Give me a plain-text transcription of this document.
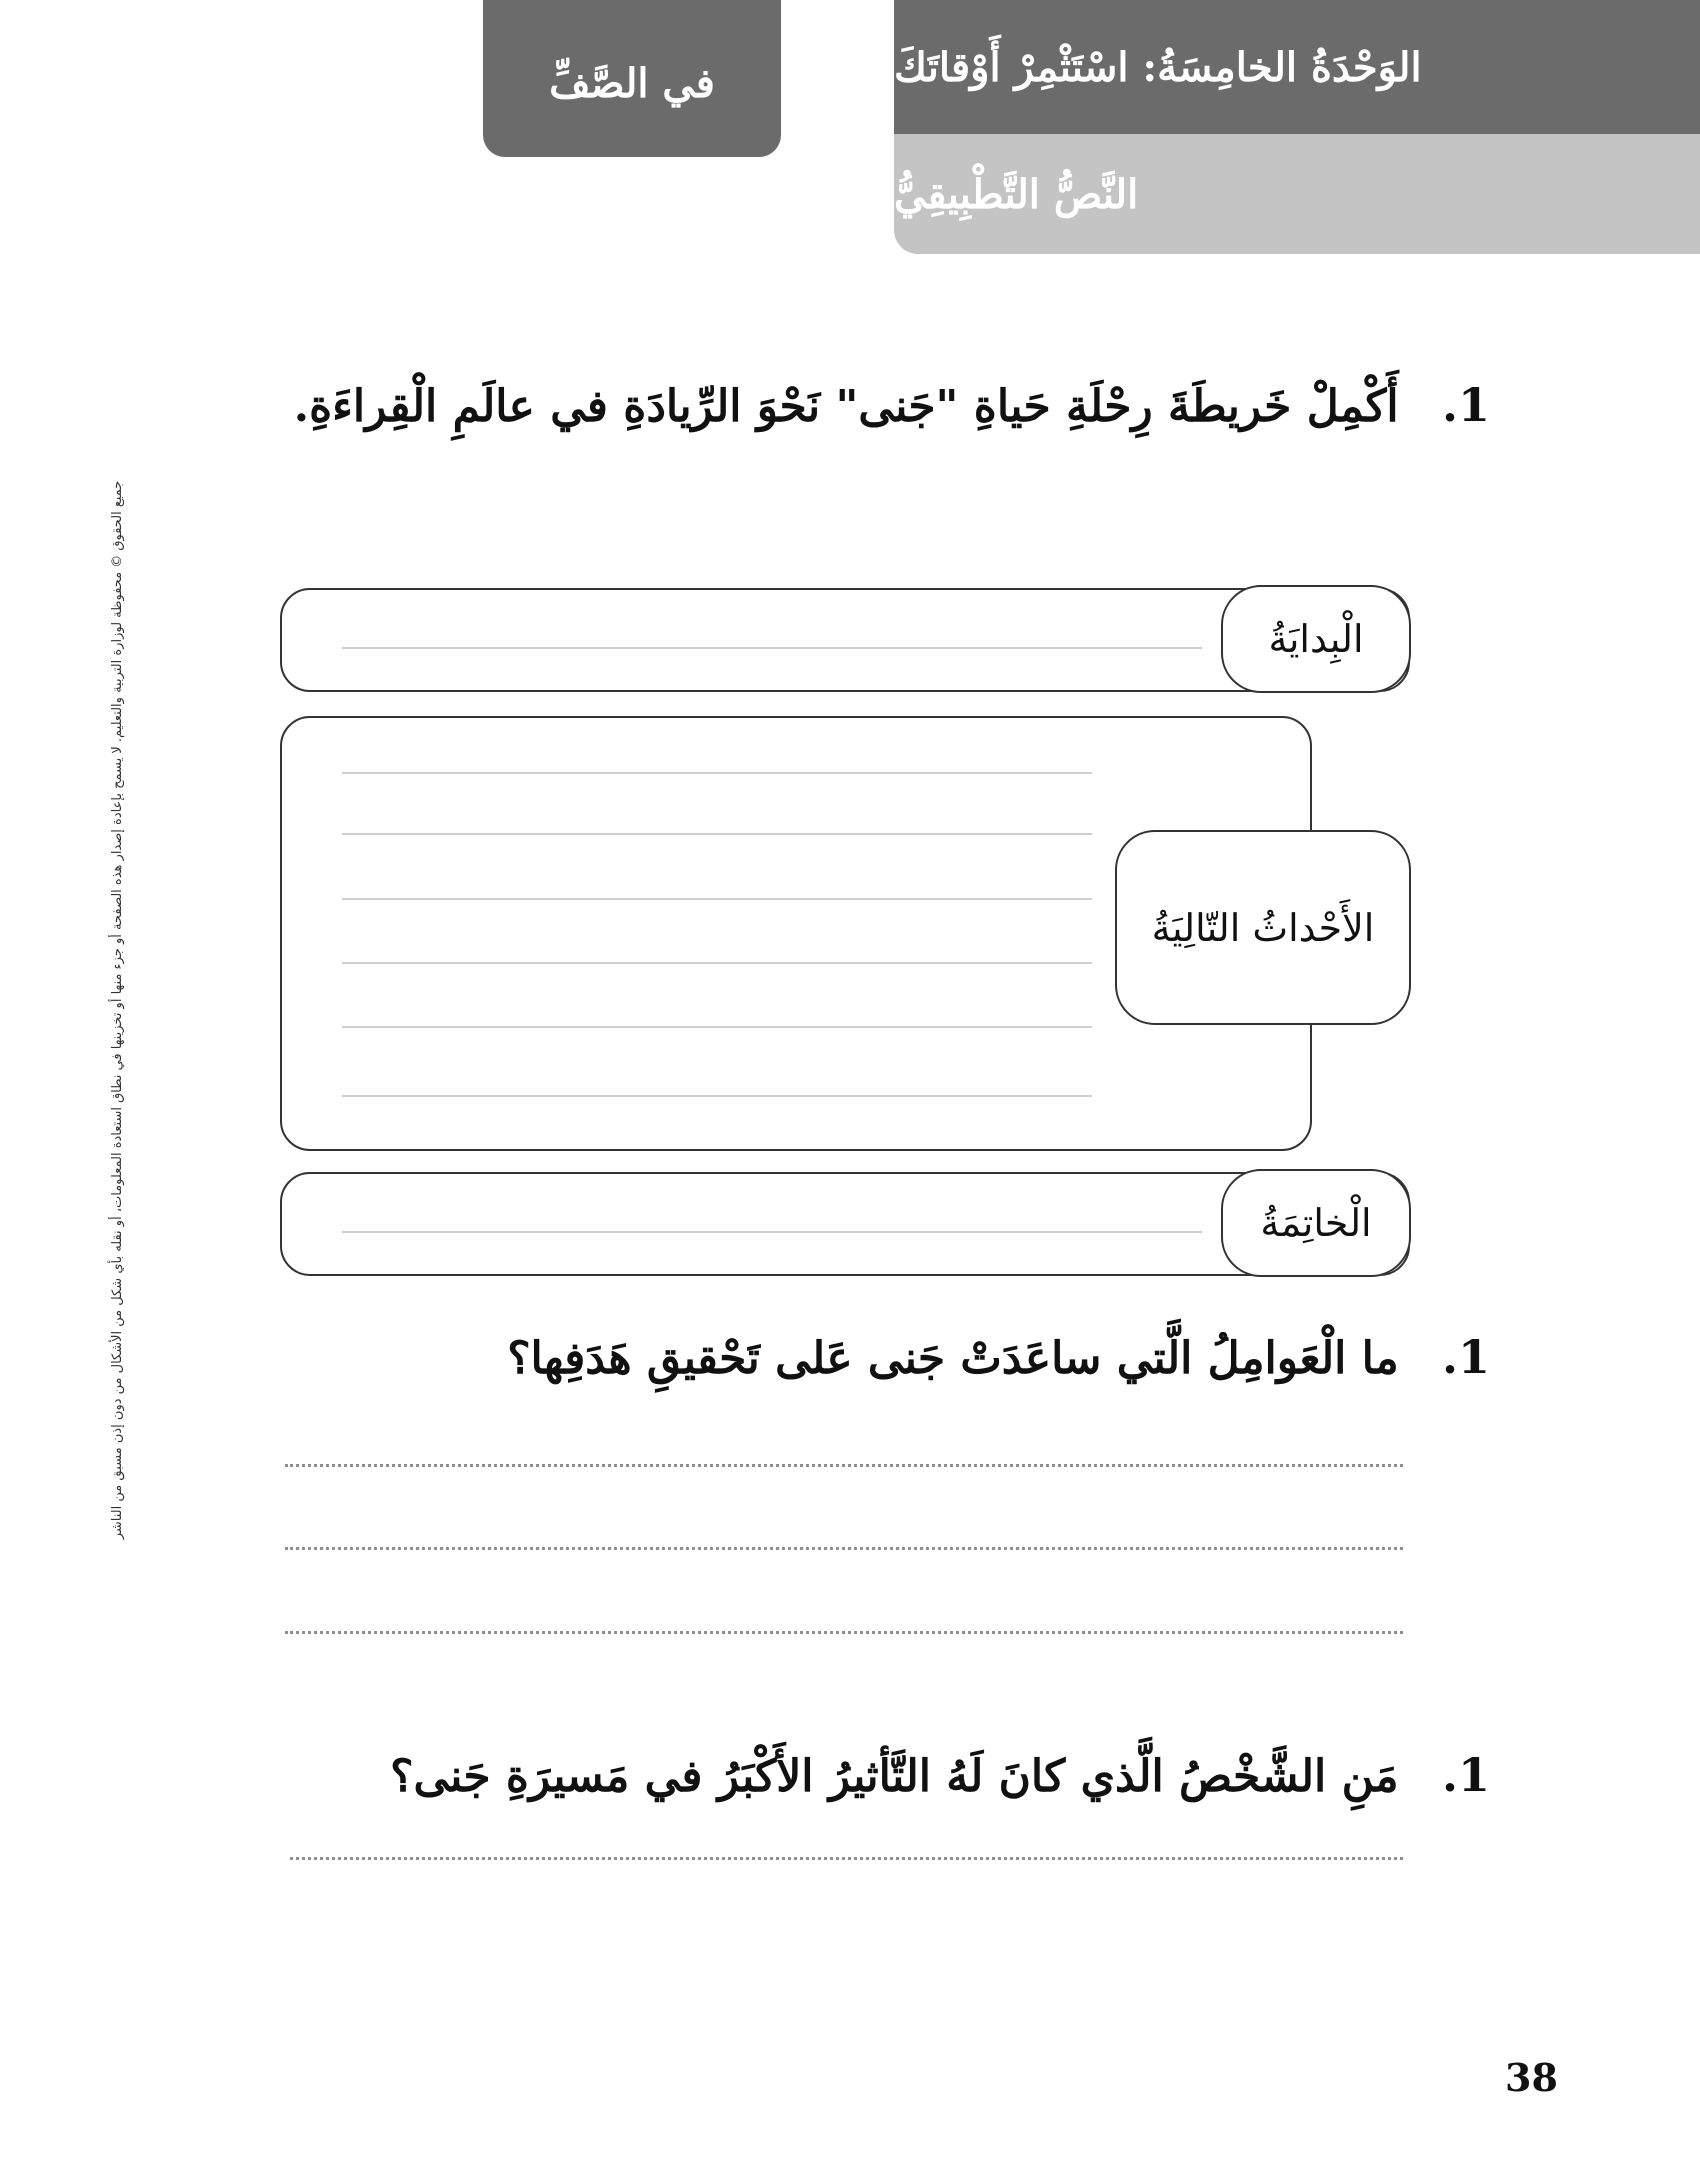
في الصَّفِّ	الوَحْدَةُ الخامِسَةُ: اسْتَثْمِرْ أَوْقاتَكَ
النَّصُّ التَّطْبِيقِيُّ
جميع الحقوق © محفوظة لوزارة التربية والتعليم. لا يسمح بإعادة إصدار هذه الصفحة أو جزء منها أو تخزينها في نطاق استعادة المعلومات، أو نقله بأي شكل من الأشكال من دون إذن مسبق من الناشر
1. أَكْمِلْ خَريطَةَ رِحْلَةِ حَياةِ "جَنى" نَحْوَ الرِّيادَةِ في عالَمِ الْقِراءَةِ.
الْبِدايَةُ
الأَحْداثُ التّالِيَةُ
الْخاتِمَةُ
1. ما الْعَوامِلُ الَّتي ساعَدَتْ جَنى عَلى تَحْقيقِ هَدَفِها؟
1. مَنِ الشَّخْصُ الَّذي كانَ لَهُ التَّأثيرُ الأَكْبَرُ في مَسيرَةِ جَنى؟
38
